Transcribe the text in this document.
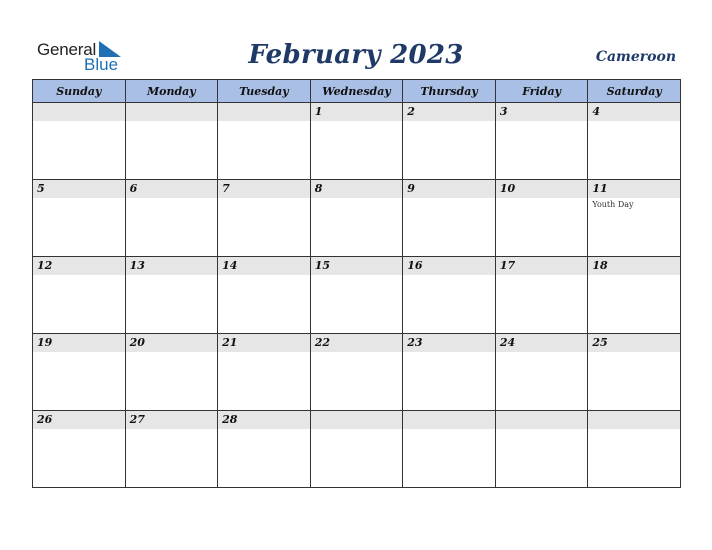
General
Blue	February 2023	Cameroon
Sunday	Monday	Tuesday	Wednesday	Thursday	Friday	Saturday

			1	2	3	4

5	6	7	8	9	10	11
Youth Day

12	13	14	15	16	17	18

19	20	21	22	23	24	25

26	27	28				
